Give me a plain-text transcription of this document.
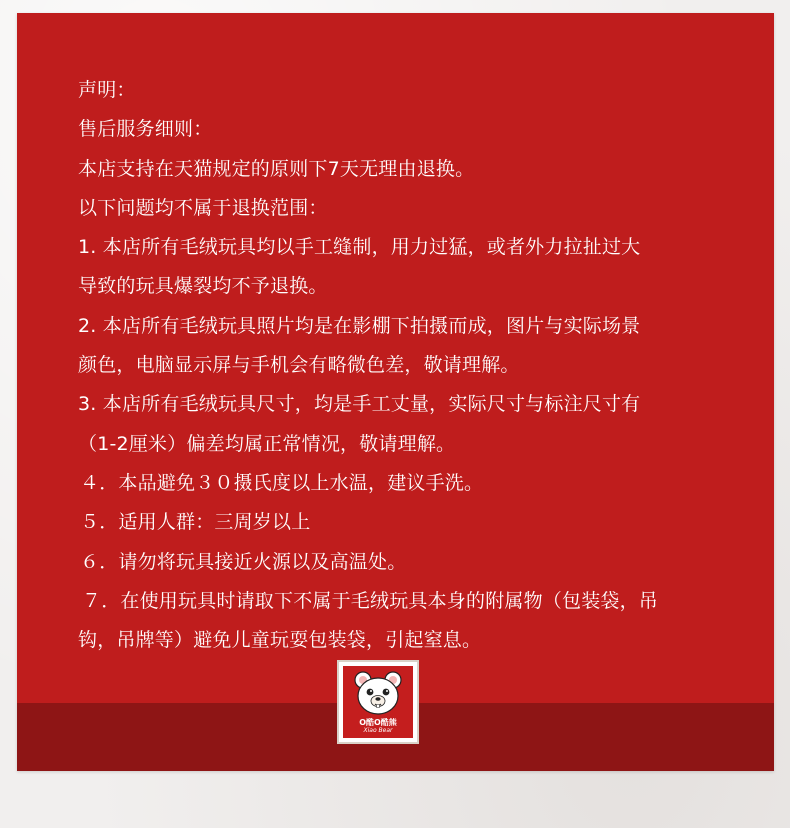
声明：
售后服务细则：
本店支持在天猫规定的原则下7天无理由退换。
以下问题均不属于退换范围：
1. 本店所有毛绒玩具均以手工缝制，用力过猛，或者外力拉扯过大
导致的玩具爆裂均不予退换。
2. 本店所有毛绒玩具照片均是在影棚下拍摄而成，图片与实际场景
颜色，电脑显示屏与手机会有略微色差，敬请理解。
3. 本店所有毛绒玩具尺寸，均是手工丈量，实际尺寸与标注尺寸有
（1-2厘米）偏差均属正常情况，敬请理解。
４．本品避免３０摄氏度以上水温，建议手洗。
５．适用人群：三周岁以上
６．请勿将玩具接近火源以及高温处。
７．在使用玩具时请取下不属于毛绒玩具本身的附属物（包装袋，吊
钩，吊牌等）避免儿童玩耍包装袋，引起窒息。
O酷O酷熊
Xiao Bear
